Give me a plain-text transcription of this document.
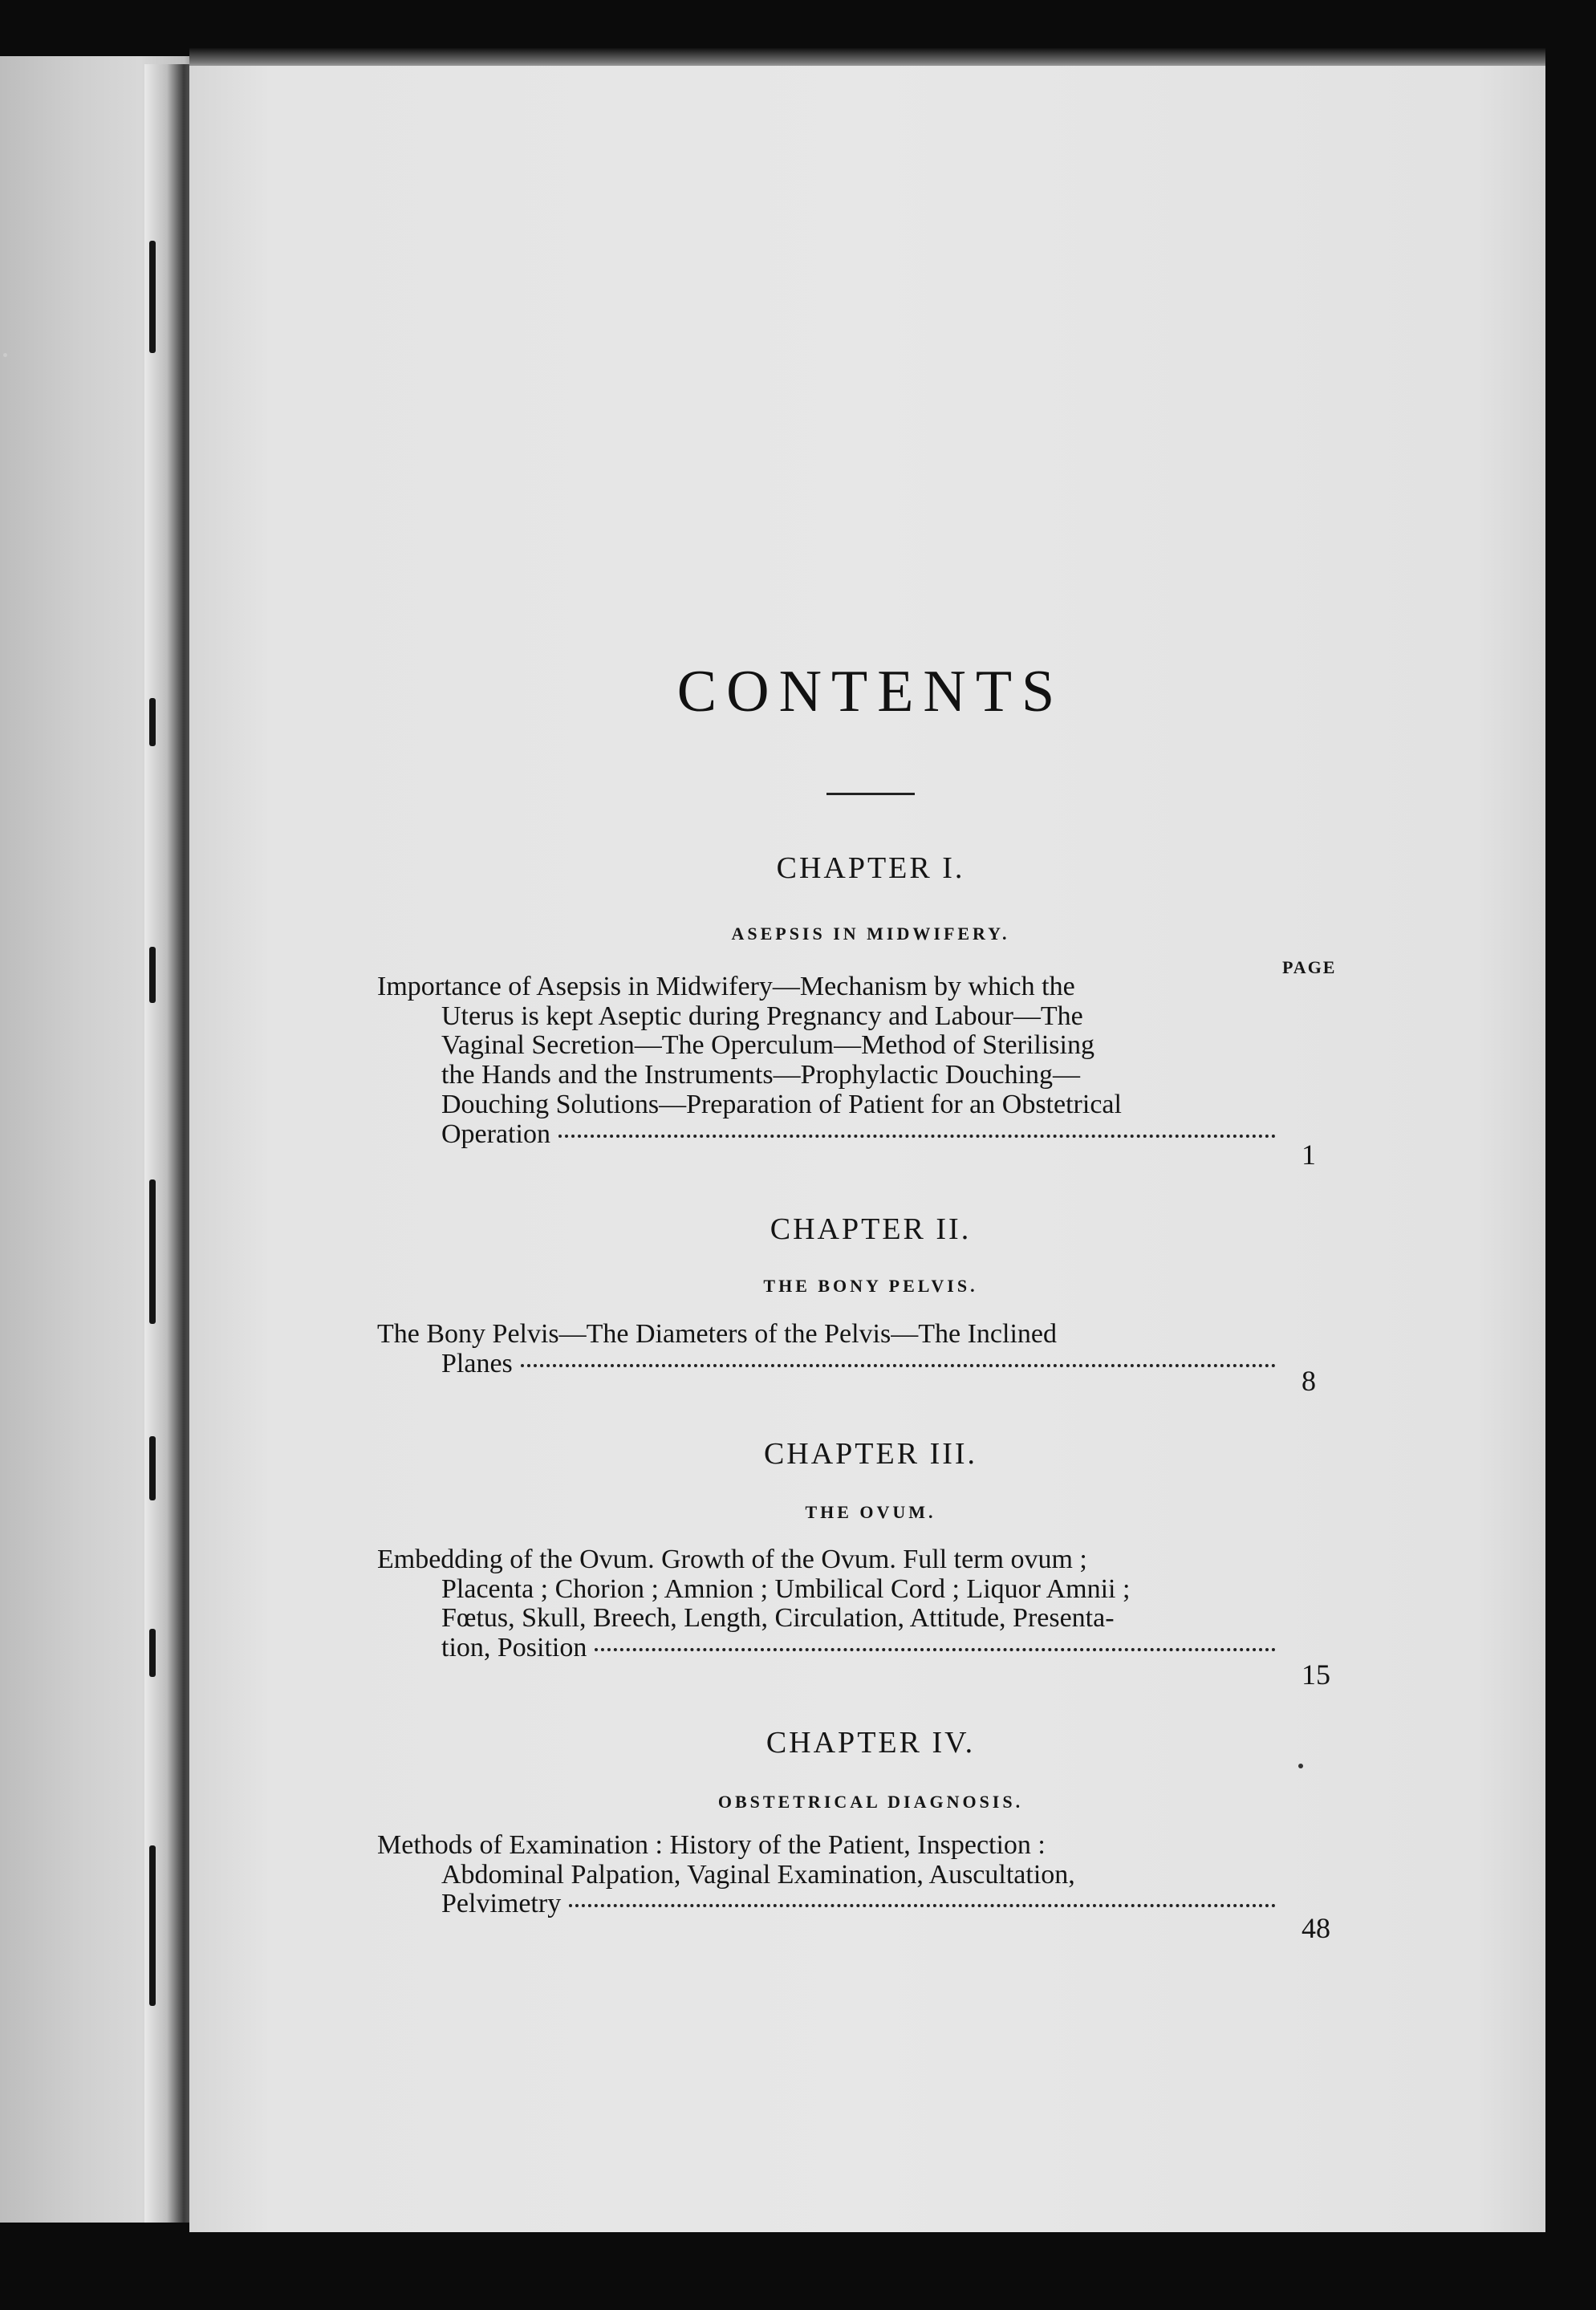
CONTENTS
CHAPTER I.
ASEPSIS IN MIDWIFERY.
PAGE

Importance of Asepsis in Midwifery—Mechanism by which the

Uterus is kept Aseptic during Pregnancy and Labour—The

Vaginal Secretion—The Operculum—Method of Sterilising

the Hands and the Instruments—Prophylactic Douching—

Douching Solutions—Preparation of Patient for an Obstetrical

Operation
1
CHAPTER II.
THE BONY PELVIS.

The Bony Pelvis—The Diameters of the Pelvis—The Inclined

Planes
8
CHAPTER III.
THE OVUM.

Embedding of the Ovum. Growth of the Ovum. Full term ovum ;

Placenta ; Chorion ; Amnion ; Umbilical Cord ; Liquor Amnii ;

Fœtus, Skull, Breech, Length, Circulation, Attitude, Presenta-

tion, Position
15
CHAPTER IV.
OBSTETRICAL DIAGNOSIS.

Methods of Examination : History of the Patient, Inspection :

Abdominal Palpation, Vaginal Examination, Auscultation,

Pelvimetry
48
